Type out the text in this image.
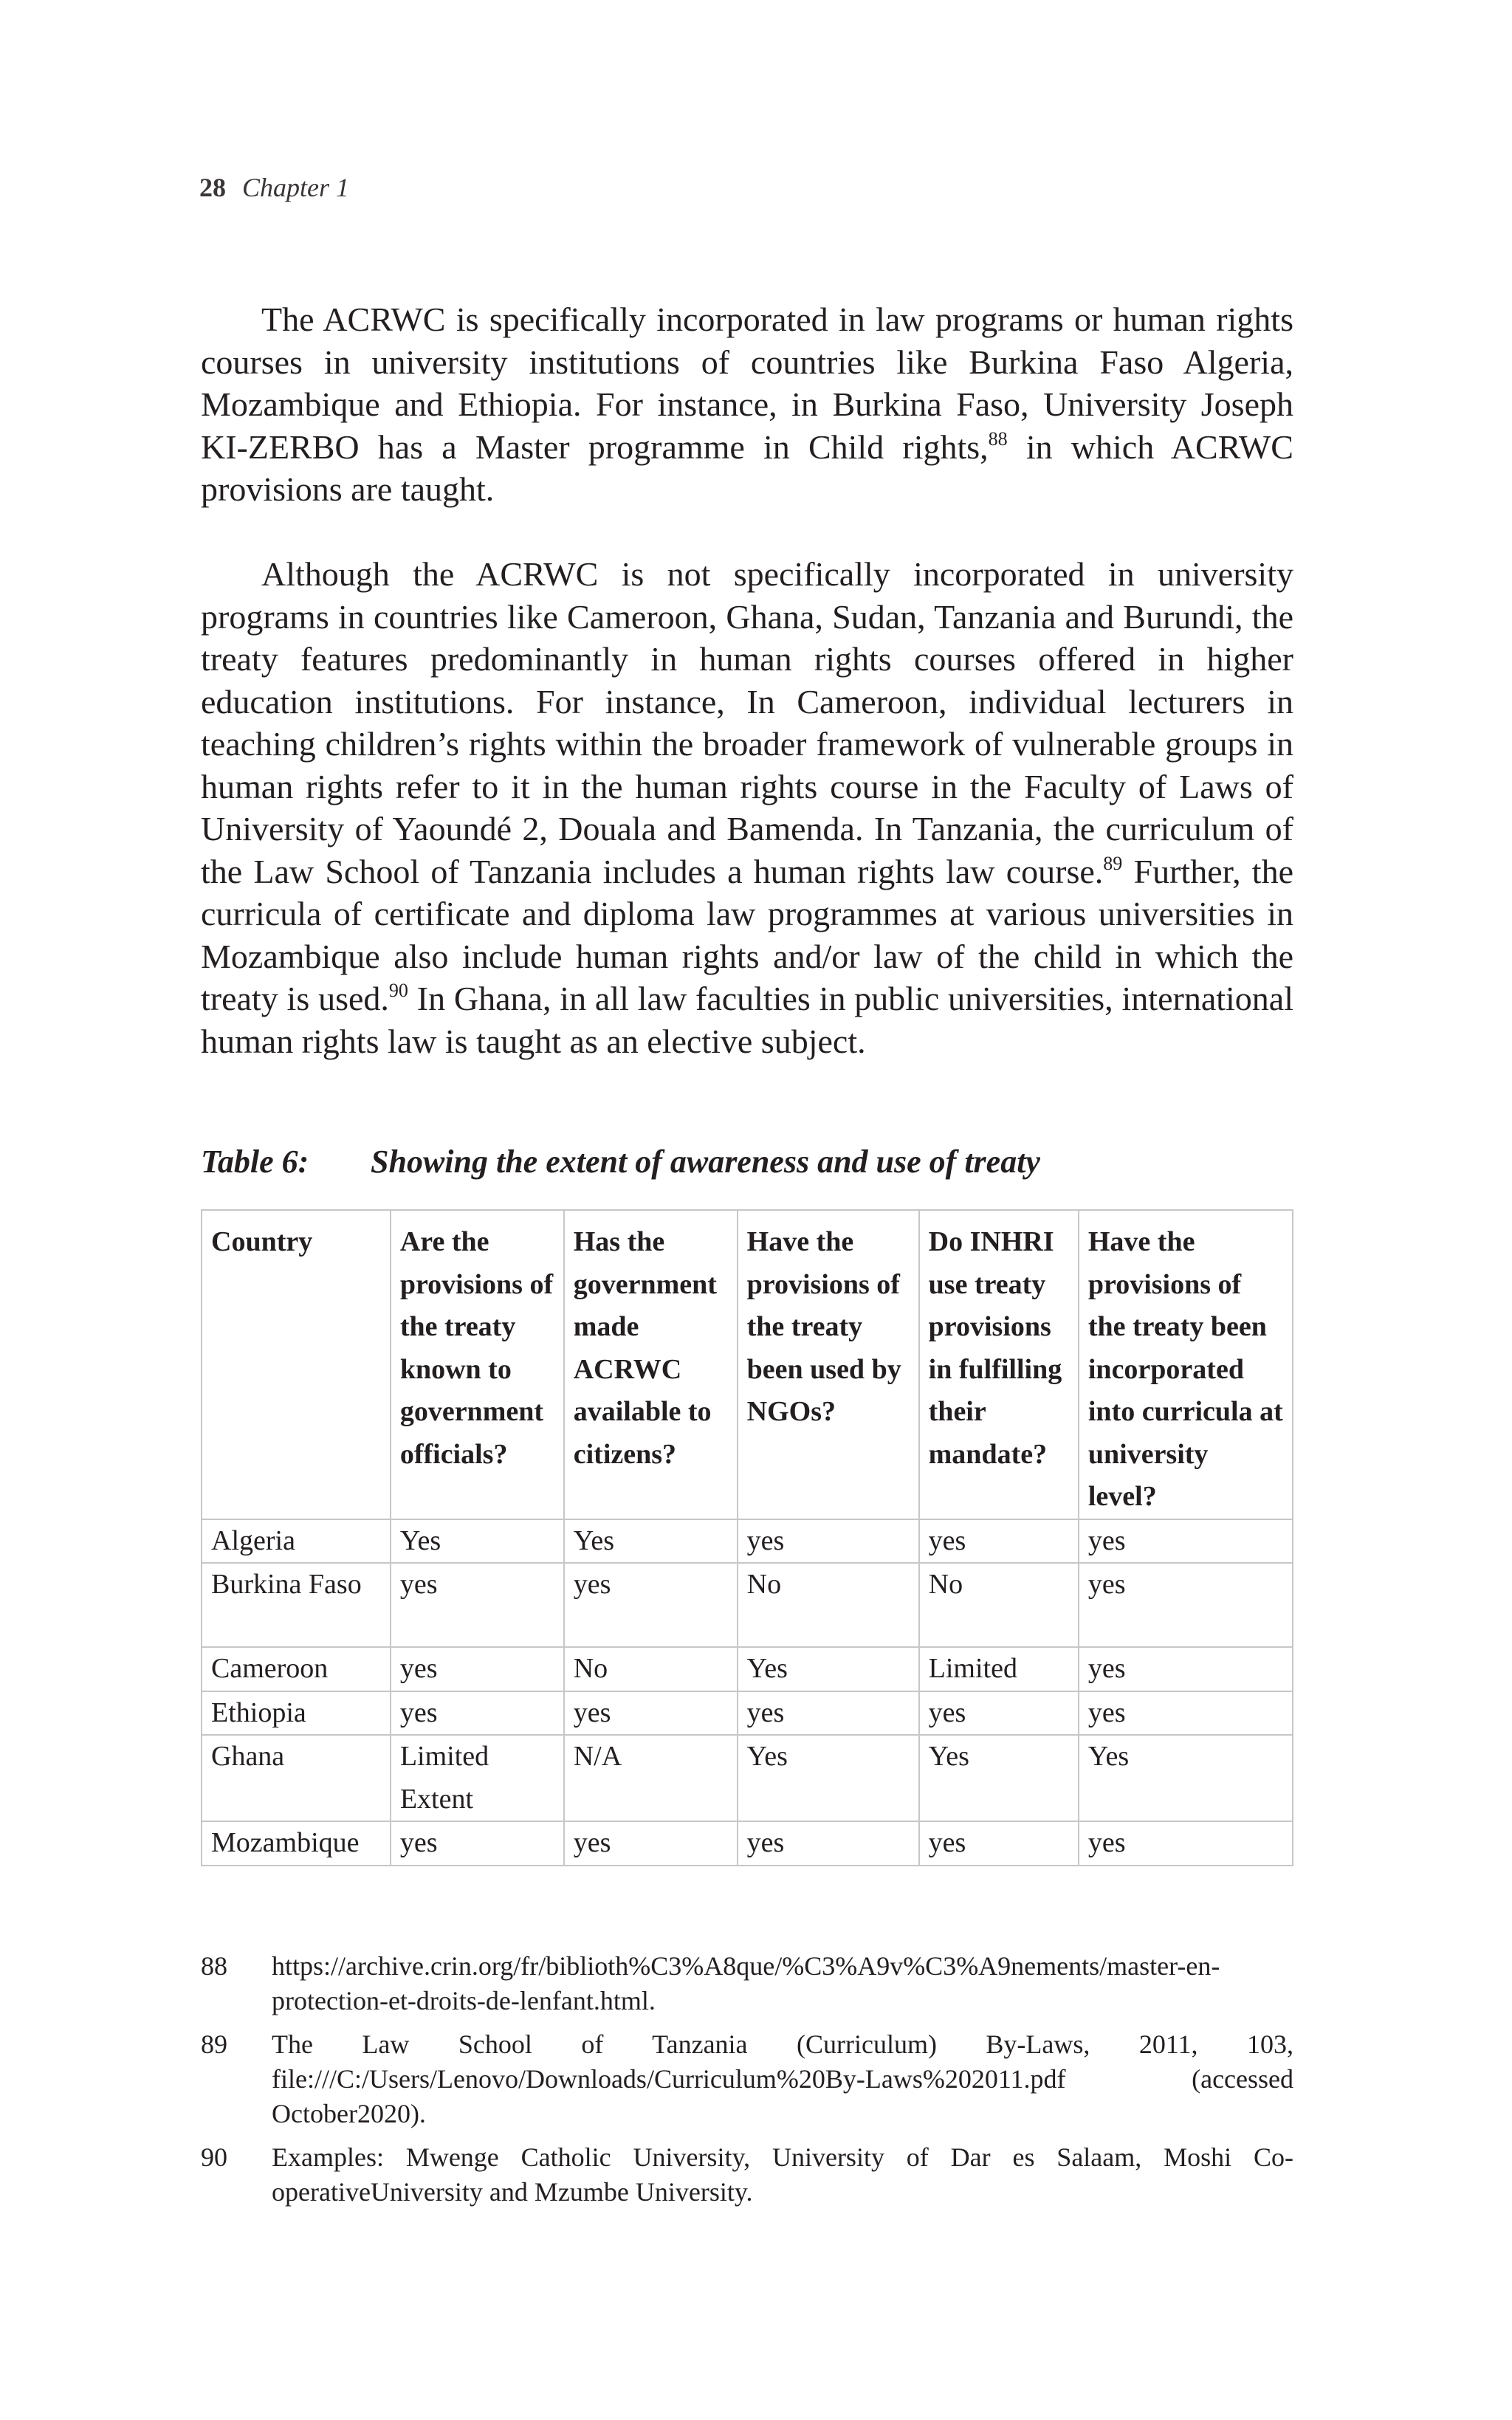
28 Chapter 1

The ACRWC is specifically incorporated in law programs or human rights courses in university institutions of countries like Burkina Faso Algeria, Mozambique and Ethiopia. For instance, in Burkina Faso, University Joseph KI-ZERBO has a Master programme in Child rights,$^{88}$ in which ACRWC provisions are taught.

Although the ACRWC is not specifically incorporated in university programs in countries like Cameroon, Ghana, Sudan, Tanzania and Burundi, the treaty features predominantly in human rights courses offered in higher education institutions. For instance, In Cameroon, individual lecturers in teaching children’s rights within the broader framework of vulnerable groups in human rights refer to it in the human rights course in the Faculty of Laws of University of Yaoundé 2, Douala and Bamenda. In Tanzania, the curriculum of the Law School of Tanzania includes a human rights law course.$^{89}$ Further, the curricula of certificate and diploma law programmes at various universities in Mozambique also include human rights and/or law of the child in which the treaty is used.$^{90}$ In Ghana, in all law faculties in public universities, international human rights law is taught as an elective subject.

Table 6: Showing the extent of awareness and use of treaty
Country	Are the provisions of the treaty known to government officials?	Has the government made ACRWC available to citizens?	Have the provisions of the treaty been used by NGOs?	Do INHRI use treaty provisions in fulfilling their mandate?	Have the provisions of the treaty been incorporated into curricula at university level?
Algeria	Yes	Yes	yes	yes	yes
Burkina Faso	yes	yes	No	No	yes
Cameroon	yes	No	Yes	Limited	yes
Ethiopia	yes	yes	yes	yes	yes
Ghana	Limited Extent	N/A	Yes	Yes	Yes
Mozambique	yes	yes	yes	yes	yes
88	https://archive.crin.org/fr/biblioth%C3%A8que/%C3%A9v%C3%A9nements/master-en-protection-et-droits-de-lenfant.html.
89	The Law School of Tanzania (Curriculum) By-Laws, 2011, 103, file:///C:/Users/Lenovo/Downloads/Curriculum%20By-Laws%202011.pdf (accessed October2020).
90	Examples: Mwenge Catholic University, University of Dar es Salaam, Moshi Co-operativeUniversity and Mzumbe University.
